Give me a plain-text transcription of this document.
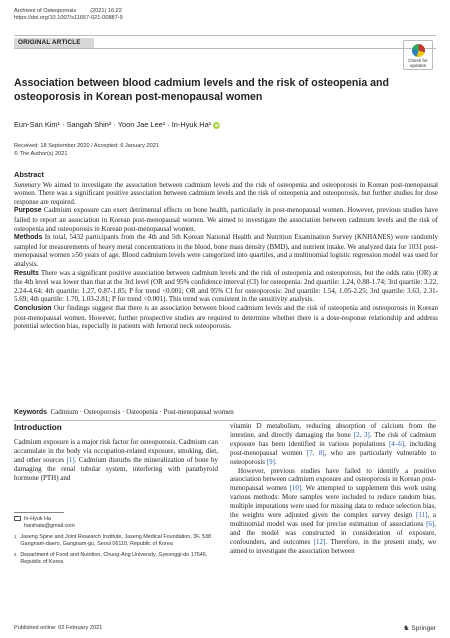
Archives of Osteoporosis	(2021) 16:22
https://doi.org/10.1007/s11657-021-00887-9
ORIGINAL ARTICLE
Check for
updates
Association between blood cadmium levels and the risk of osteopenia and osteoporosis in Korean post-menopausal women
Eun-San Kim¹ · Sangah Shin² · Yoon Jae Lee¹ · In-Hyuk Ha¹ iD
Received: 18 September 2020 / Accepted: 6 January 2021
© The Author(s) 2021
Abstract
Summary We aimed to investigate the association between cadmium levels and the risk of osteopenia and osteoporosis in Korean post-menopausal women. There was a significant positive association between cadmium levels and the risk of osteopenia and osteoporosis, but further studies for dose response are required.
Purpose Cadmium exposure can exert detrimental effects on bone health, particularly in post-menopausal women. However, previous studies have failed to report an association in Korean post-menopausal women. We aimed to investigate the association between cadmium levels and the risk of osteopenia and osteoporosis in Korean post-menopausal women.
Methods In total, 5432 participants from the 4th and 5th Korean National Health and Nutrition Examination Survey (KNHANES) were randomly sampled for measurements of heavy metal concentrations in the blood, bone mass density (BMD), and nutrient intake. We analyzed data for 1031 post-menopausal women ≥50 years of age. Blood cadmium levels were categorized into quartiles, and a multinomial logistic regression model was used for analysis.
Results There was a significant positive association between cadmium levels and the risk of osteopenia and osteoporosis, but the odds ratio (OR) at the 4th level was lower than that at the 3rd level (OR and 95% confidence interval (CI) for osteopenia: 2nd quartile: 1.24, 0.88-1.74; 3rd quartile: 3.22, 2.24-4.64; 4th quartile: 1.27, 0.87-1.85; P for trend <0.001; OR and 95% CI for osteoporosis: 2nd quartile: 1.54, 1.05-2.25; 3rd quartile: 3.63, 2.31-5.69; 4th quartile: 1.70, 1.03-2.81; P for trend <0.001). This trend was consistent in the sensitivity analysis.
Conclusion Our findings suggest that there is an association between blood cadmium levels and the risk of osteopenia and osteoporosis in Korean post-menopausal women. However, further prospective studies are required to determine whether there is a dose-response relationship and address potential selection bias, especially in patients with femoral neck osteoporosis.
Keywords Cadmium · Osteoporosis · Osteopenia · Post-menopausal women
Introduction
Cadmium exposure is a major risk factor for osteoporosis. Cadmium can accumulate in the body via occupation-related exposure, smoking, diet, and other sources [1]. Cadmium disturbs the mineralization of bone by damaging the renal tubular system, interfering with parathyroid hormone (PTH) and
vitamin D metabolism, reducing absorption of calcium from the intestine, and directly damaging the bone [2, 3]. The risk of cadmium exposure has been identified in various populations [4–6], including post-menopausal women [7, 8], who are particularly vulnerable to osteoporosis [9].
However, previous studies have failed to identify a positive association between cadmium exposure and osteoporosis in Korean post-menopausal women [10]. We attempted to supplement this work using various methods: More samples were included to reduce random bias, multiple imputations were used for missing data to reduce selection bias, the weights were adjusted given the complex survey design [11], a multinomial model was used for precise estimation of associations [6], and the model was constructed in consideration of exposure, confounders, and outcomes [12]. Therefore, in the present study, we aimed to investigate the association between
In-Hyuk Ha
hanihata@gmail.com
1 Jaseng Spine and Joint Research Institute, Jaseng Medical Foundation, 3F, 538 Gangnam-daero, Gangnam-gu, Seoul 06110, Republic of Korea
2 Department of Food and Nutrition, Chung-Ang University, Gyeonggi-do 17546, Republic of Korea
Published online: 02 February 2021	♞ Springer
